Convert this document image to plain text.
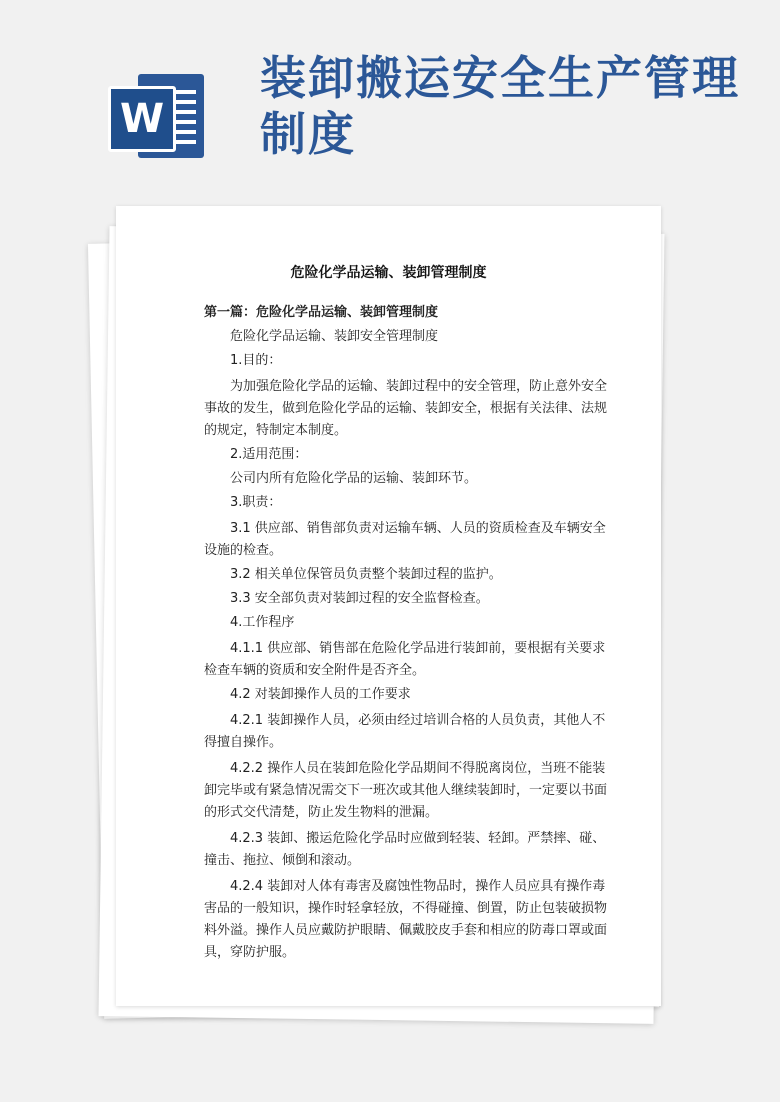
W
装卸搬运安全生产管理制度
危险化学品运输、装卸管理制度

第一篇：危险化学品运输、装卸管理制度

危险化学品运输、装卸安全管理制度

1.目的：

为加强危险化学品的运输、装卸过程中的安全管理，防止意外安全事故的发生，做到危险化学品的运输、装卸安全，根据有关法律、法规的规定，特制定本制度。

2.适用范围：

公司内所有危险化学品的运输、装卸环节。

3.职责：

3.1 供应部、销售部负责对运输车辆、人员的资质检查及车辆安全设施的检查。

3.2 相关单位保管员负责整个装卸过程的监护。

3.3 安全部负责对装卸过程的安全监督检查。

4.工作程序

4.1.1 供应部、销售部在危险化学品进行装卸前，要根据有关要求检查车辆的资质和安全附件是否齐全。

4.2 对装卸操作人员的工作要求

4.2.1 装卸操作人员，必须由经过培训合格的人员负责，其他人不得擅自操作。

4.2.2 操作人员在装卸危险化学品期间不得脱离岗位，当班不能装卸完毕或有紧急情况需交下一班次或其他人继续装卸时，一定要以书面的形式交代清楚，防止发生物料的泄漏。

4.2.3 装卸、搬运危险化学品时应做到轻装、轻卸。严禁摔、碰、撞击、拖拉、倾倒和滚动。

4.2.4 装卸对人体有毒害及腐蚀性物品时，操作人员应具有操作毒害品的一般知识，操作时轻拿轻放，不得碰撞、倒置，防止包装破损物料外溢。操作人员应戴防护眼睛、佩戴胶皮手套和相应的防毒口罩或面具，穿防护服。
